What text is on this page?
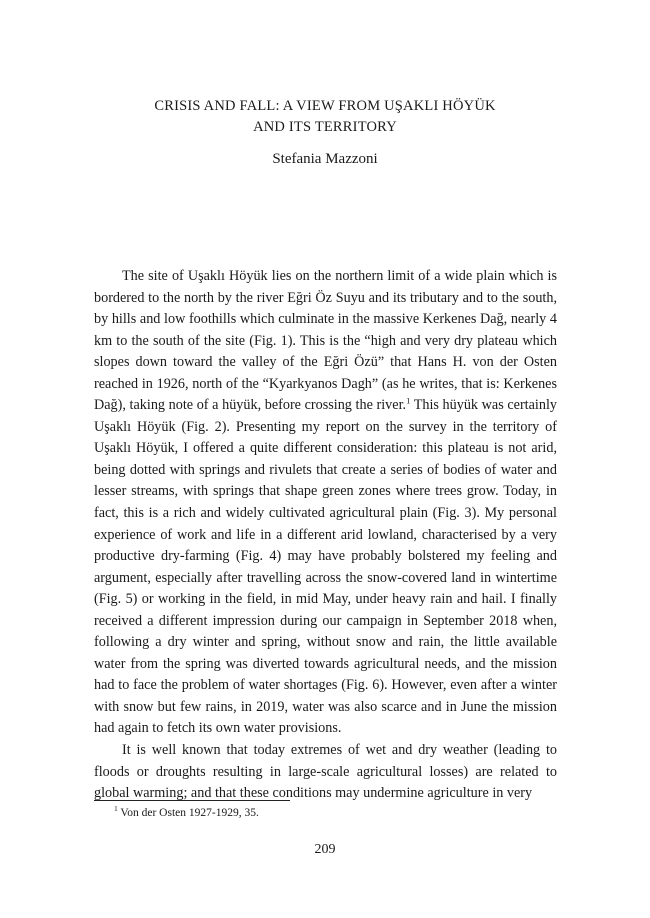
CRISIS AND FALL: A VIEW FROM UŞAKLI HÖYÜK
AND ITS TERRITORY
Stefania Mazzoni

The site of Uşaklı Höyük lies on the northern limit of a wide plain which is bordered to the north by the river Eğri Öz Suyu and its tributary and to the south, by hills and low foothills which culminate in the massive Kerkenes Dağ, nearly 4 km to the south of the site (Fig. 1). This is the “high and very dry plateau which slopes down toward the valley of the Eğri Özü” that Hans H. von der Osten reached in 1926, north of the “Kyarkyanos Dagh” (as he writes, that is: Kerkenes Dağ), taking note of a hüyük, before crossing the river.$^1$ This hüyük was certainly Uşaklı Höyük (Fig. 2). Presenting my report on the survey in the territory of Uşaklı Höyük, I offered a quite different consideration: this plateau is not arid, being dotted with springs and rivulets that create a series of bodies of water and lesser streams, with springs that shape green zones where trees grow. Today, in fact, this is a rich and widely cultivated agricultural plain (Fig. 3). My personal experience of work and life in a different arid lowland, characterised by a very productive dry-farming (Fig. 4) may have probably bolstered my feeling and argument, especially after travelling across the snow-covered land in wintertime (Fig. 5) or working in the field, in mid May, under heavy rain and hail. I finally received a different impression during our campaign in September 2018 when, following a dry winter and spring, without snow and rain, the little available water from the spring was diverted towards agricultural needs, and the mission had to face the problem of water shortages (Fig. 6). However, even after a winter with snow but few rains, in 2019, water was also scarce and in June the mission had again to fetch its own water provisions.

It is well known that today extremes of wet and dry weather (leading to floods or droughts resulting in large-scale agricultural losses) are related to global warming; and that these conditions may undermine agriculture in very

$^1$ Von der Osten 1927-1929, 35.
209
